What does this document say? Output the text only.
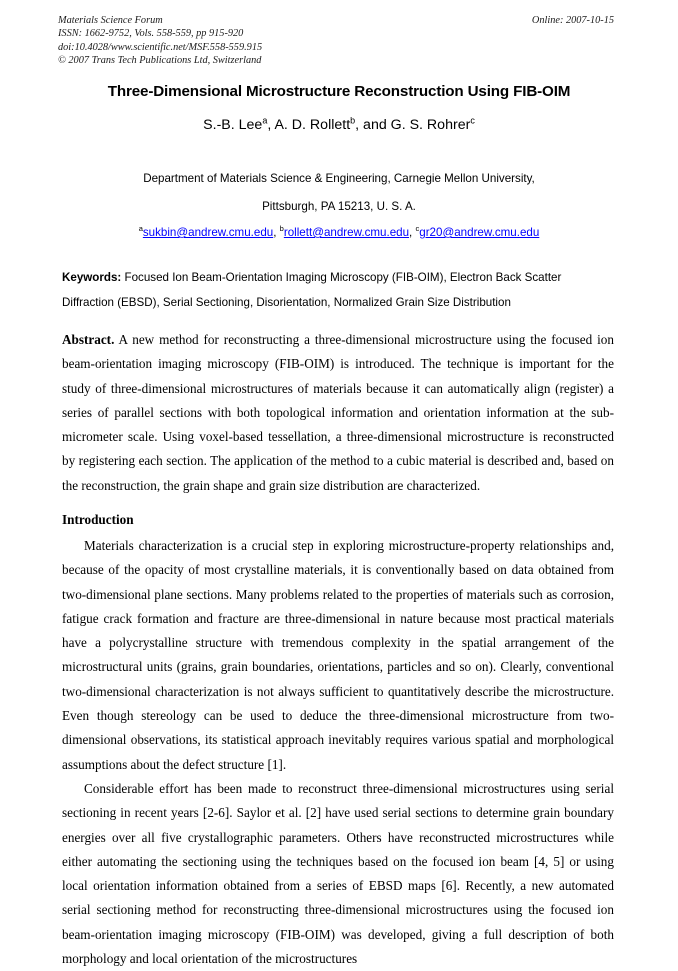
Materials Science Forum
ISSN: 1662-9752, Vols. 558-559, pp 915-920
doi:10.4028/www.scientific.net/MSF.558-559.915
© 2007 Trans Tech Publications Ltd, Switzerland
Online: 2007-10-15
Three-Dimensional Microstructure Reconstruction Using FIB-OIM
S.-B. Lee$^a$, A. D. Rollett$^b$, and G. S. Rohrer$^c$
Department of Materials Science & Engineering, Carnegie Mellon University,
Pittsburgh, PA 15213, U. S. A.
$^a$sukbin@andrew.cmu.edu, $^b$rollett@andrew.cmu.edu, $^c$gr20@andrew.cmu.edu
Keywords: Focused Ion Beam-Orientation Imaging Microscopy (FIB-OIM), Electron Back Scatter Diffraction (EBSD), Serial Sectioning, Disorientation, Normalized Grain Size Distribution
Abstract. A new method for reconstructing a three-dimensional microstructure using the focused ion beam-orientation imaging microscopy (FIB-OIM) is introduced. The technique is important for the study of three-dimensional microstructures of materials because it can automatically align (register) a series of parallel sections with both topological information and orientation information at the sub-micrometer scale. Using voxel-based tessellation, a three-dimensional microstructure is reconstructed by registering each section. The application of the method to a cubic material is described and, based on the reconstruction, the grain shape and grain size distribution are characterized.
Introduction

Materials characterization is a crucial step in exploring microstructure-property relationships and, because of the opacity of most crystalline materials, it is conventionally based on data obtained from two-dimensional plane sections. Many problems related to the properties of materials such as corrosion, fatigue crack formation and fracture are three-dimensional in nature because most practical materials have a polycrystalline structure with tremendous complexity in the spatial arrangement of the microstructural units (grains, grain boundaries, orientations, particles and so on). Clearly, conventional two-dimensional characterization is not always sufficient to quantitatively describe the microstructure. Even though stereology can be used to deduce the three-dimensional microstructure from two-dimensional observations, its statistical approach inevitably requires various spatial and morphological assumptions about the defect structure [1].

Considerable effort has been made to reconstruct three-dimensional microstructures using serial sectioning in recent years [2-6]. Saylor et al. [2] have used serial sections to determine grain boundary energies over all five crystallographic parameters. Others have reconstructed microstructures while either automating the sectioning using the techniques based on the focused ion beam [4, 5] or using local orientation information obtained from a series of EBSD maps [6]. Recently, a new automated serial sectioning method for reconstructing three-dimensional microstructures using the focused ion beam-orientation imaging microscopy (FIB-OIM) was developed, giving a full description of both morphology and local orientation of the microstructures
